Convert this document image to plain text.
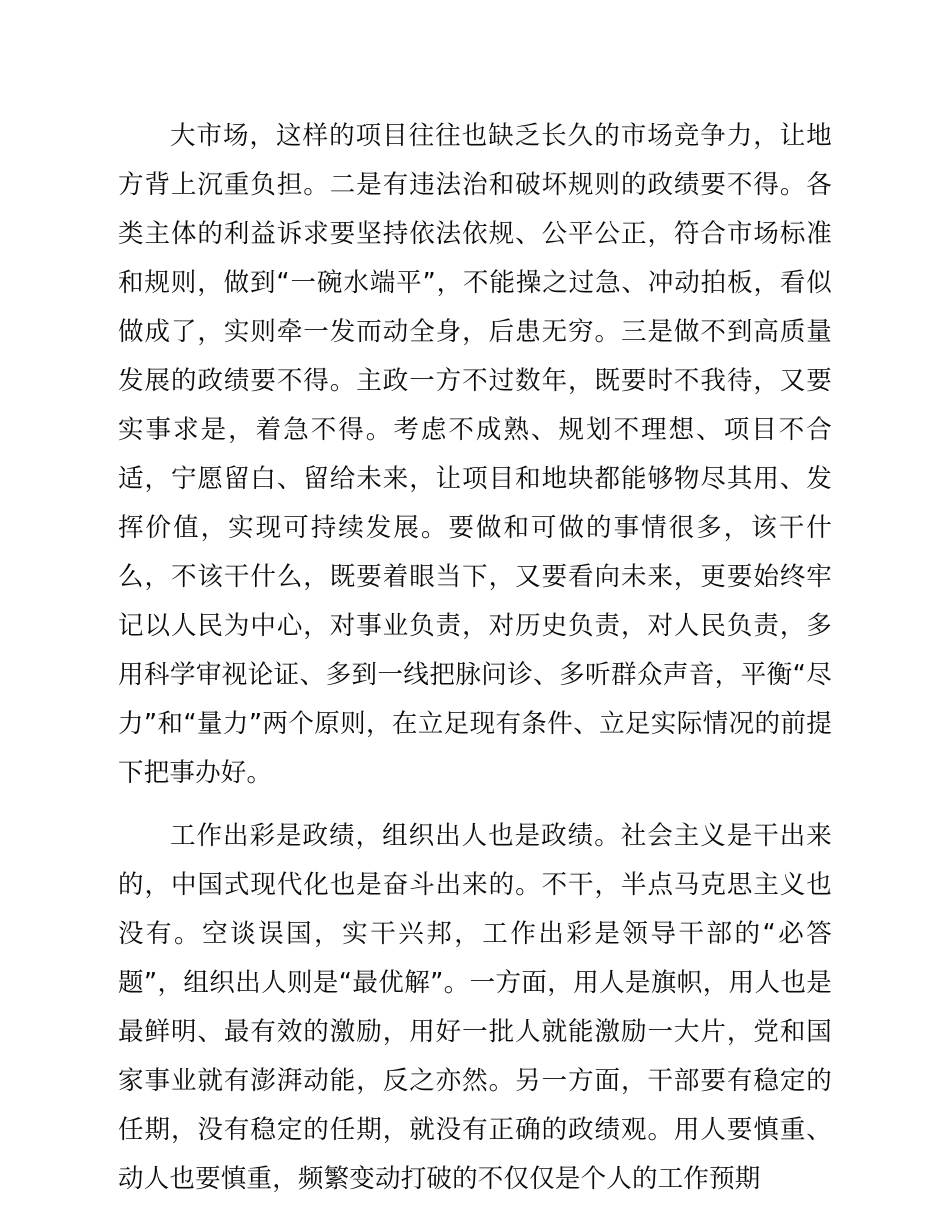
大市场，这样的项目往往也缺乏长久的市场竞争力，让地方背上沉重负担。二是有违法治和破坏规则的政绩要不得。各类主体的利益诉求要坚持依法依规、公平公正，符合市场标准和规则，做到“一碗水端平”，不能操之过急、冲动拍板，看似做成了，实则牵一发而动全身，后患无穷。三是做不到高质量发展的政绩要不得。主政一方不过数年，既要时不我待，又要实事求是，着急不得。考虑不成熟、规划不理想、项目不合适，宁愿留白、留给未来，让项目和地块都能够物尽其用、发挥价值，实现可持续发展。要做和可做的事情很多，该干什么，不该干什么，既要着眼当下，又要看向未来，更要始终牢记以人民为中心，对事业负责，对历史负责，对人民负责，多用科学审视论证、多到一线把脉问诊、多听群众声音，平衡“尽力”和“量力”两个原则，在立足现有条件、立足实际情况的前提下把事办好。

工作出彩是政绩，组织出人也是政绩。社会主义是干出来的，中国式现代化也是奋斗出来的。不干，半点马克思主义也没有。空谈误国，实干兴邦，工作出彩是领导干部的“必答题”，组织出人则是“最优解”。一方面，用人是旗帜，用人也是最鲜明、最有效的激励，用好一批人就能激励一大片，党和国家事业就有澎湃动能，反之亦然。另一方面，干部要有稳定的任期，没有稳定的任期，就没有正确的政绩观。用人要慎重、动人也要慎重，频繁变动打破的不仅仅是个人的工作预期
